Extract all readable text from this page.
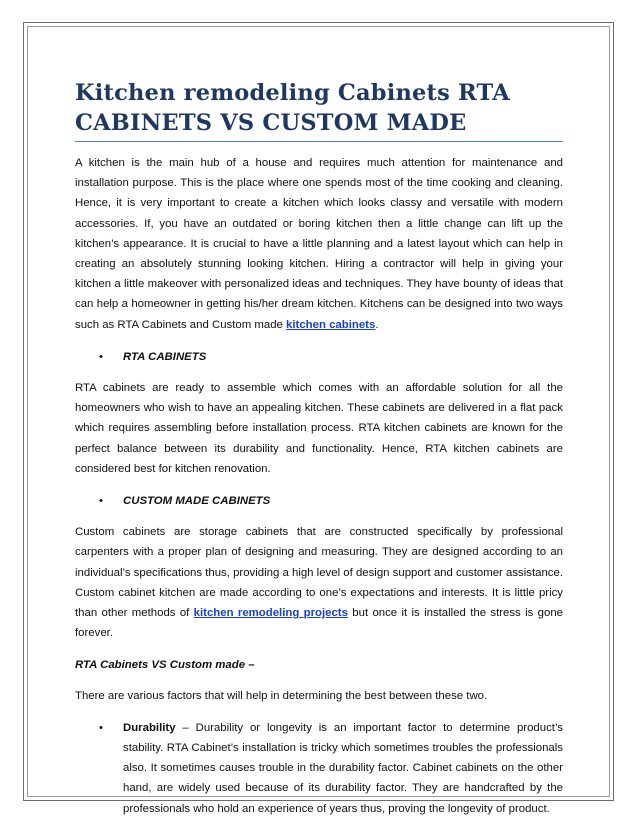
Kitchen remodeling Cabinets RTA
CABINETS VS CUSTOM MADE

A kitchen is the main hub of a house and requires much attention for maintenance and installation purpose. This is the place where one spends most of the time cooking and cleaning. Hence, it is very important to create a kitchen which looks classy and versatile with modern accessories. If, you have an outdated or boring kitchen then a little change can lift up the kitchen’s appearance. It is crucial to have a little planning and a latest layout which can help in creating an absolutely stunning looking kitchen. Hiring a contractor will help in giving your kitchen a little makeover with personalized ideas and techniques. They have bounty of ideas that can help a homeowner in getting his/her dream kitchen. Kitchens can be designed into two ways such as RTA Cabinets and Custom made kitchen cabinets.

• RTA CABINETS

RTA cabinets are ready to assemble which comes with an affordable solution for all the homeowners who wish to have an appealing kitchen. These cabinets are delivered in a flat pack which requires assembling before installation process. RTA kitchen cabinets are known for the perfect balance between its durability and functionality. Hence, RTA kitchen cabinets are considered best for kitchen renovation.

• CUSTOM MADE CABINETS

Custom cabinets are storage cabinets that are constructed specifically by professional carpenters with a proper plan of designing and measuring. They are designed according to an individual’s specifications thus, providing a high level of design support and customer assistance. Custom cabinet kitchen are made according to one’s expectations and interests. It is little pricy than other methods of kitchen remodeling projects but once it is installed the stress is gone forever.

RTA Cabinets VS Custom made –

There are various factors that will help in determining the best between these two.

• Durability – Durability or longevity is an important factor to determine product’s stability. RTA Cabinet’s installation is tricky which sometimes troubles the professionals also. It sometimes causes trouble in the durability factor. Cabinet cabinets on the other hand, are widely used because of its durability factor. They are handcrafted by the professionals who hold an experience of years thus, proving the longevity of product.
